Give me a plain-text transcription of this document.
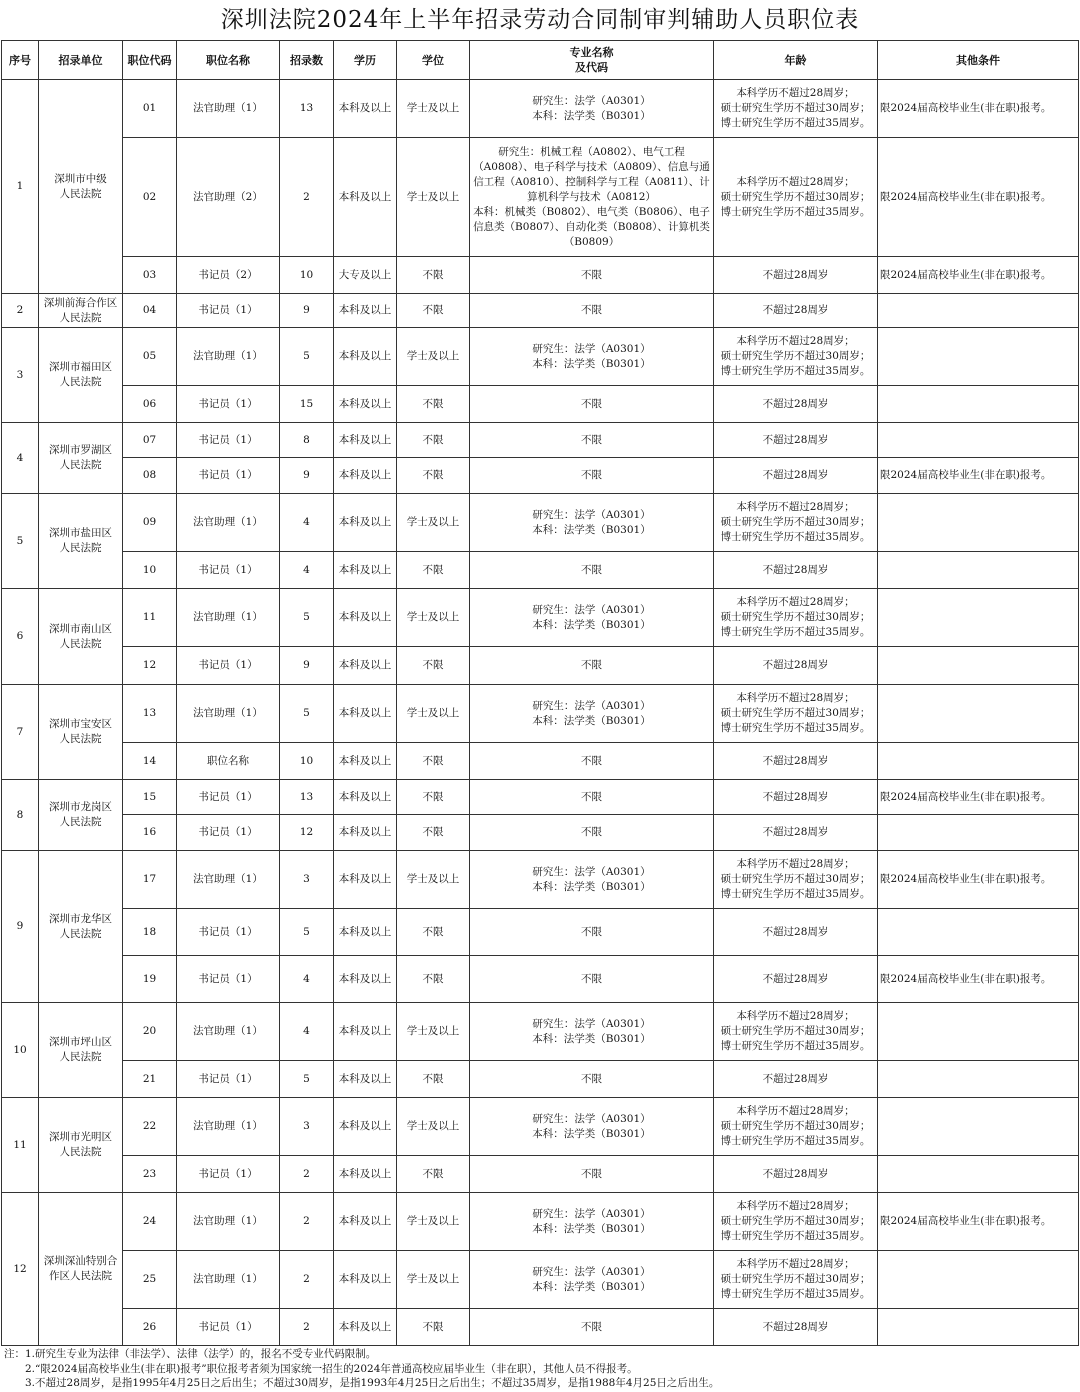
深圳法院2024年上半年招录劳动合同制审判辅助人员职位表
序号	招录单位	职位代码	职位名称	招录数	学历	学位	专业名称
及代码	年龄	其他条件
1	深圳市中级
人民法院	01	法官助理（1）	13	本科及以上	学士及以上	研究生：法学（A0301）
本科：法学类（B0301）	本科学历不超过28周岁；
硕士研究生学历不超过30周岁；
博士研究生学历不超过35周岁。	限2024届高校毕业生(非在职)报考。
		02	法官助理（2）	2	本科及以上	学士及以上	研究生：机械工程（A0802）、电气工程（A0808）、电子科学与技术（A0809）、信息与通信工程（A0810）、控制科学与工程（A0811）、计算机科学与技术（A0812）
本科：机械类（B0802）、电气类（B0806）、电子信息类（B0807）、自动化类（B0808）、计算机类（B0809）	本科学历不超过28周岁；
硕士研究生学历不超过30周岁；
博士研究生学历不超过35周岁。	限2024届高校毕业生(非在职)报考。
		03	书记员（2）	10	大专及以上	不限	不限	不超过28周岁	限2024届高校毕业生(非在职)报考。
2	深圳前海合作区
人民法院	04	书记员（1）	9	本科及以上	不限	不限	不超过28周岁	
3	深圳市福田区
人民法院	05	法官助理（1）	5	本科及以上	学士及以上	研究生：法学（A0301）
本科：法学类（B0301）	本科学历不超过28周岁；
硕士研究生学历不超过30周岁；
博士研究生学历不超过35周岁。	
		06	书记员（1）	15	本科及以上	不限	不限	不超过28周岁	
4	深圳市罗湖区
人民法院	07	书记员（1）	8	本科及以上	不限	不限	不超过28周岁	
		08	书记员（1）	9	本科及以上	不限	不限	不超过28周岁	限2024届高校毕业生(非在职)报考。
5	深圳市盐田区
人民法院	09	法官助理（1）	4	本科及以上	学士及以上	研究生：法学（A0301）
本科：法学类（B0301）	本科学历不超过28周岁；
硕士研究生学历不超过30周岁；
博士研究生学历不超过35周岁。	
		10	书记员（1）	4	本科及以上	不限	不限	不超过28周岁	
6	深圳市南山区
人民法院	11	法官助理（1）	5	本科及以上	学士及以上	研究生：法学（A0301）
本科：法学类（B0301）	本科学历不超过28周岁；
硕士研究生学历不超过30周岁；
博士研究生学历不超过35周岁。	
		12	书记员（1）	9	本科及以上	不限	不限	不超过28周岁	
7	深圳市宝安区
人民法院	13	法官助理（1）	5	本科及以上	学士及以上	研究生：法学（A0301）
本科：法学类（B0301）	本科学历不超过28周岁；
硕士研究生学历不超过30周岁；
博士研究生学历不超过35周岁。	
		14	职位名称	10	本科及以上	不限	不限	不超过28周岁	
8	深圳市龙岗区
人民法院	15	书记员（1）	13	本科及以上	不限	不限	不超过28周岁	限2024届高校毕业生(非在职)报考。
		16	书记员（1）	12	本科及以上	不限	不限	不超过28周岁	
9	深圳市龙华区
人民法院	17	法官助理（1）	3	本科及以上	学士及以上	研究生：法学（A0301）
本科：法学类（B0301）	本科学历不超过28周岁；
硕士研究生学历不超过30周岁；
博士研究生学历不超过35周岁。	限2024届高校毕业生(非在职)报考。
		18	书记员（1）	5	本科及以上	不限	不限	不超过28周岁	
		19	书记员（1）	4	本科及以上	不限	不限	不超过28周岁	限2024届高校毕业生(非在职)报考。
10	深圳市坪山区
人民法院	20	法官助理（1）	4	本科及以上	学士及以上	研究生：法学（A0301）
本科：法学类（B0301）	本科学历不超过28周岁；
硕士研究生学历不超过30周岁；
博士研究生学历不超过35周岁。	
		21	书记员（1）	5	本科及以上	不限	不限	不超过28周岁	
11	深圳市光明区
人民法院	22	法官助理（1）	3	本科及以上	学士及以上	研究生：法学（A0301）
本科：法学类（B0301）	本科学历不超过28周岁；
硕士研究生学历不超过30周岁；
博士研究生学历不超过35周岁。	
		23	书记员（1）	2	本科及以上	不限	不限	不超过28周岁	
12	深圳深汕特别合
作区人民法院	24	法官助理（1）	2	本科及以上	学士及以上	研究生：法学（A0301）
本科：法学类（B0301）	本科学历不超过28周岁；
硕士研究生学历不超过30周岁；
博士研究生学历不超过35周岁。	限2024届高校毕业生(非在职)报考。
		25	法官助理（1）	2	本科及以上	学士及以上	研究生：法学（A0301）
本科：法学类（B0301）	本科学历不超过28周岁；
硕士研究生学历不超过30周岁；
博士研究生学历不超过35周岁。	
		26	书记员（1）	2	本科及以上	不限	不限	不超过28周岁	
注：1.研究生专业为法律（非法学）、法律（法学）的，报名不受专业代码限制。
2.“限2024届高校毕业生(非在职)报考”职位报考者须为国家统一招生的2024年普通高校应届毕业生（非在职），其他人员不得报考。
3.不超过28周岁，是指1995年4月25日之后出生；不超过30周岁，是指1993年4月25日之后出生；不超过35周岁，是指1988年4月25日之后出生。
